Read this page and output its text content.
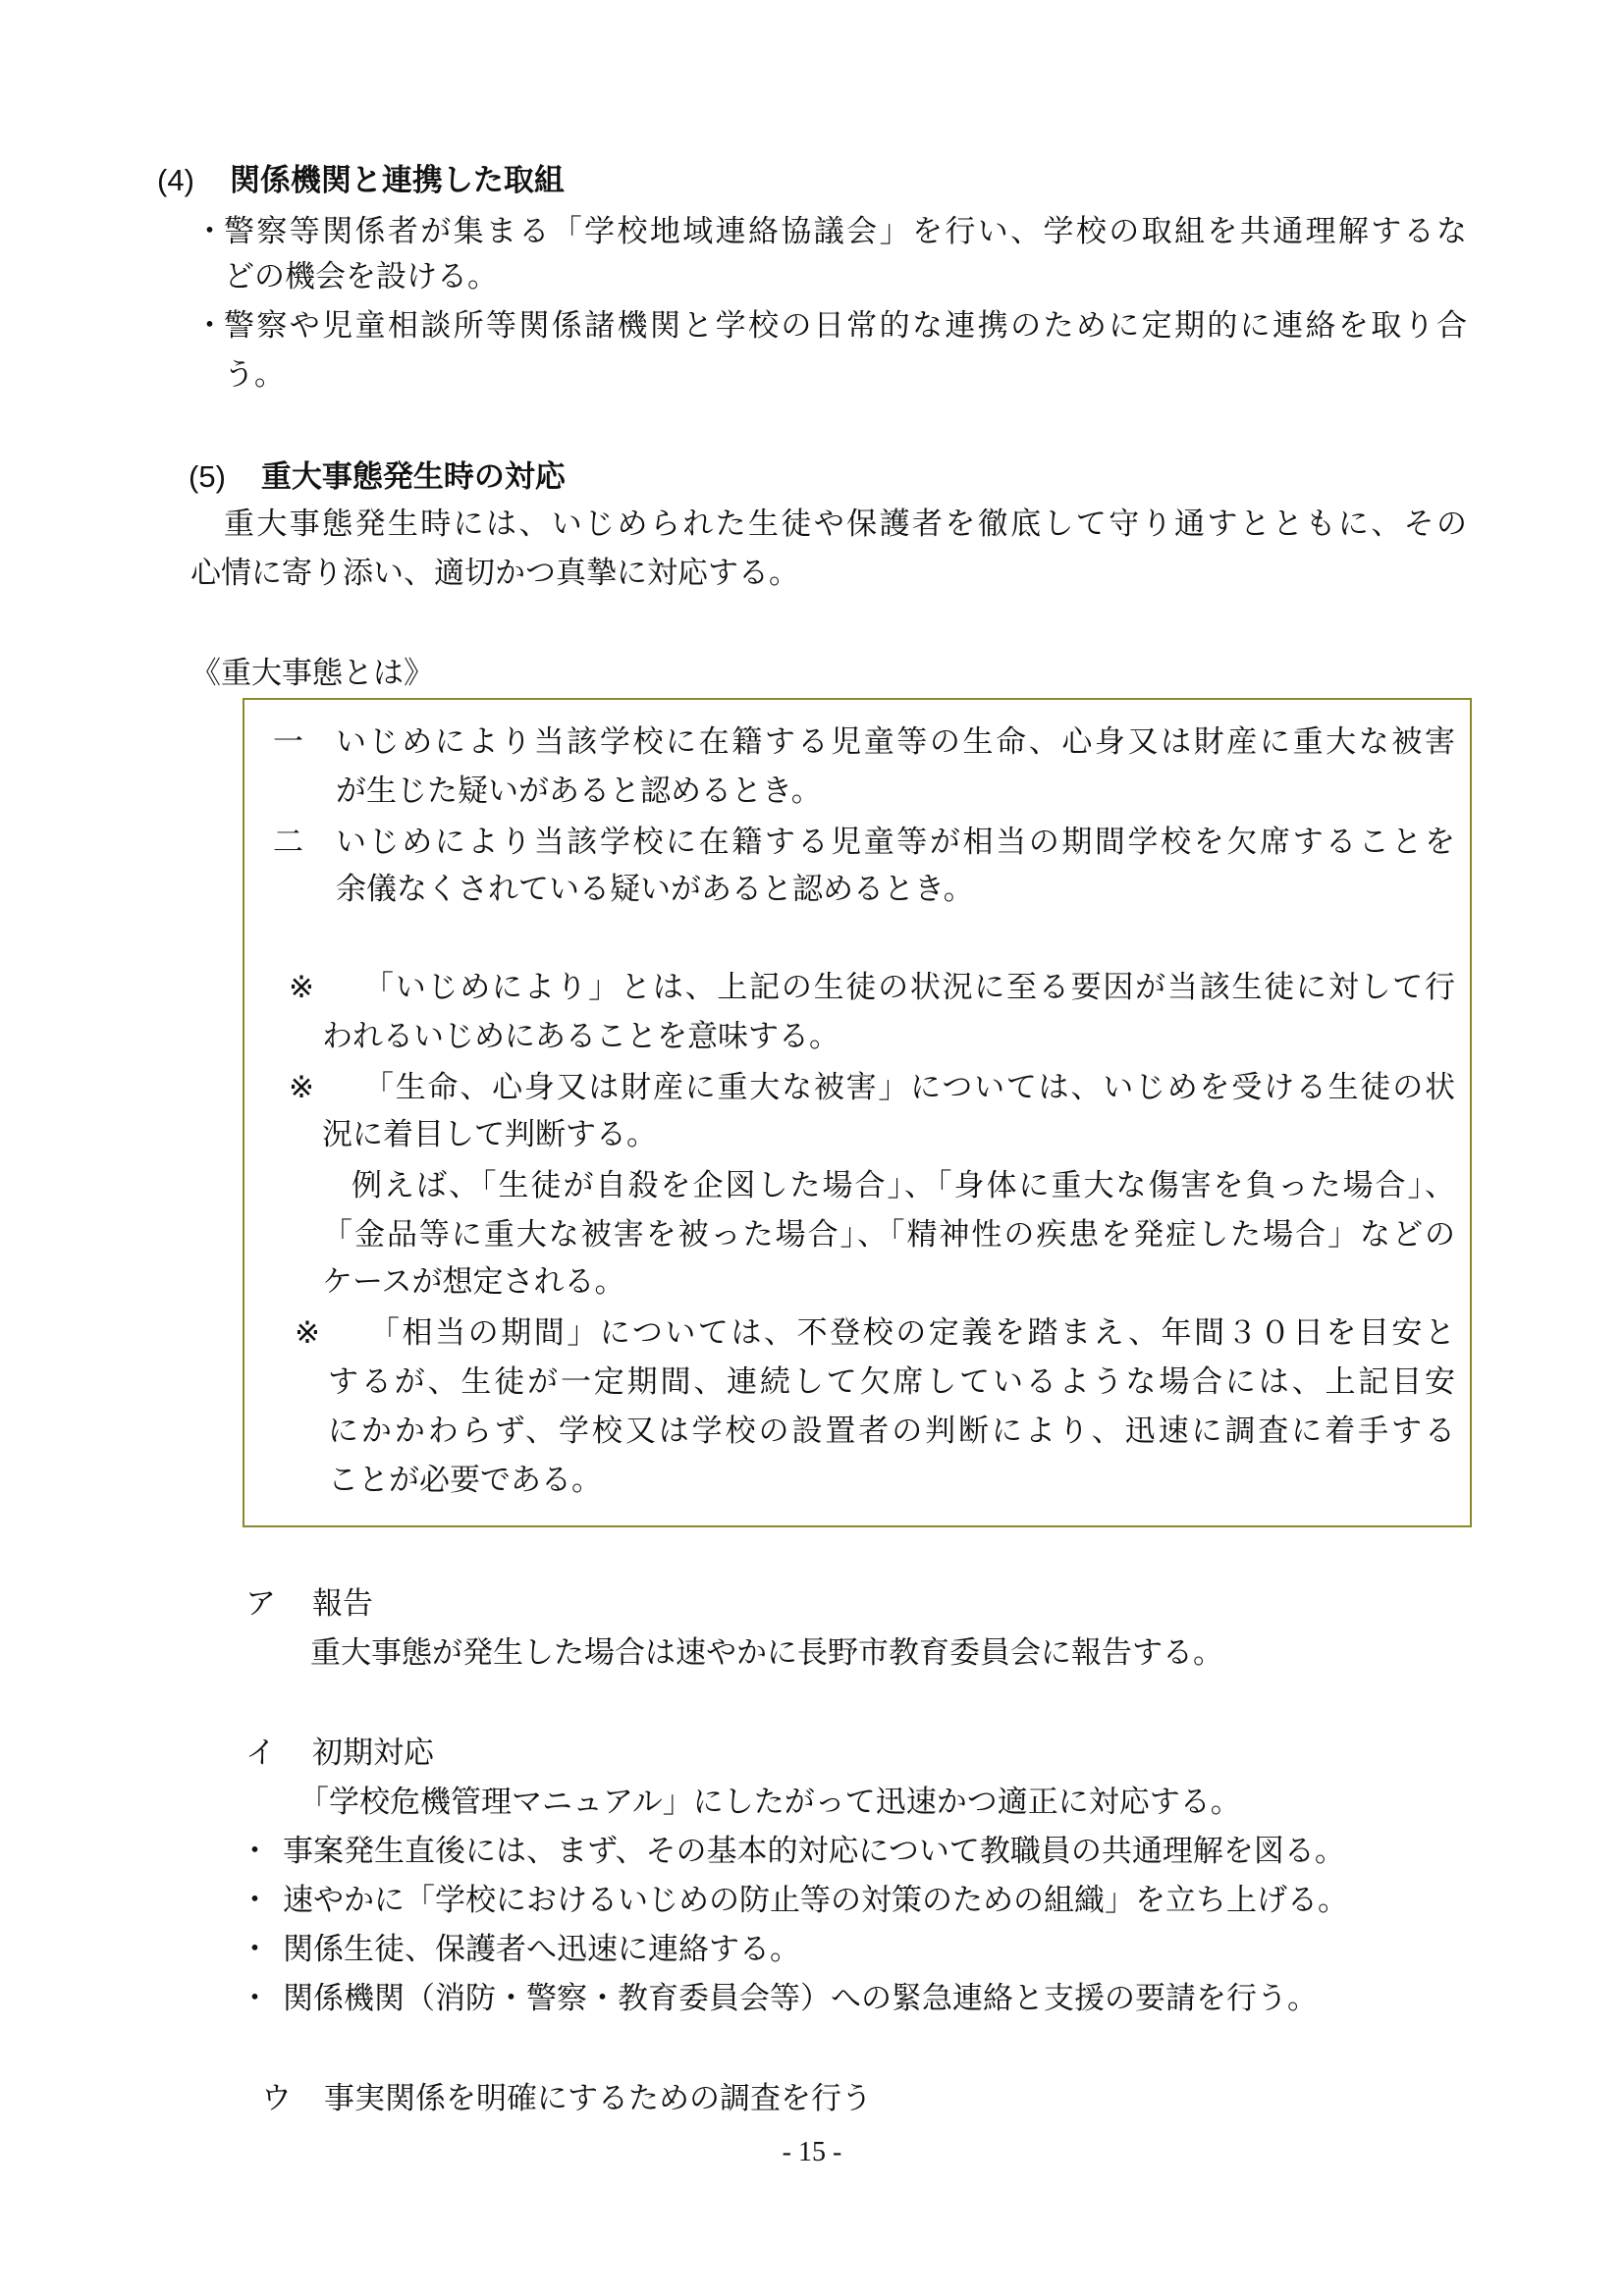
(4) 関係機関と連携した取組
・ 警察等関係者が集まる「学校地域連絡協議会」を行い、学校の取組を共通理解するな
どの機会を設ける。
・ 警察や児童相談所等関係諸機関と学校の日常的な連携のために定期的に連絡を取り合
う。
(5) 重大事態発生時の対応
重大事態発生時には、いじめられた生徒や保護者を徹底して守り通すとともに、その
心情に寄り添い、適切かつ真摯に対応する。
《重大事態とは》
一 いじめにより当該学校に在籍する児童等の生命、心身又は財産に重大な被害
が生じた疑いがあると認めるとき。
二 いじめにより当該学校に在籍する児童等が相当の期間学校を欠席することを
余儀なくされている疑いがあると認めるとき。
※ 「いじめにより」とは、上記の生徒の状況に至る要因が当該生徒に対して行
われるいじめにあることを意味する。
※ 「生命、心身又は財産に重大な被害」については、いじめを受ける生徒の状
況に着目して判断する。
例えば、「生徒が自殺を企図した場合」、「身体に重大な傷害を負った場合」、
「金品等に重大な被害を被った場合」、「精神性の疾患を発症した場合」などの
ケースが想定される。
※ 「相当の期間」については、不登校の定義を踏まえ、年間３０日を目安と
するが、生徒が一定期間、連続して欠席しているような場合には、上記目安
にかかわらず、学校又は学校の設置者の判断により、迅速に調査に着手する
ことが必要である。
ア 報告
重大事態が発生した場合は速やかに長野市教育委員会に報告する。
イ 初期対応
「学校危機管理マニュアル」にしたがって迅速かつ適正に対応する。
・ 事案発生直後には、まず、その基本的対応について教職員の共通理解を図る。
・ 速やかに「学校におけるいじめの防止等の対策のための組織」を立ち上げる。
・ 関係生徒、保護者へ迅速に連絡する。
・ 関係機関（消防・警察・教育委員会等）への緊急連絡と支援の要請を行う。
ウ 事実関係を明確にするための調査を行う
- 15 -
